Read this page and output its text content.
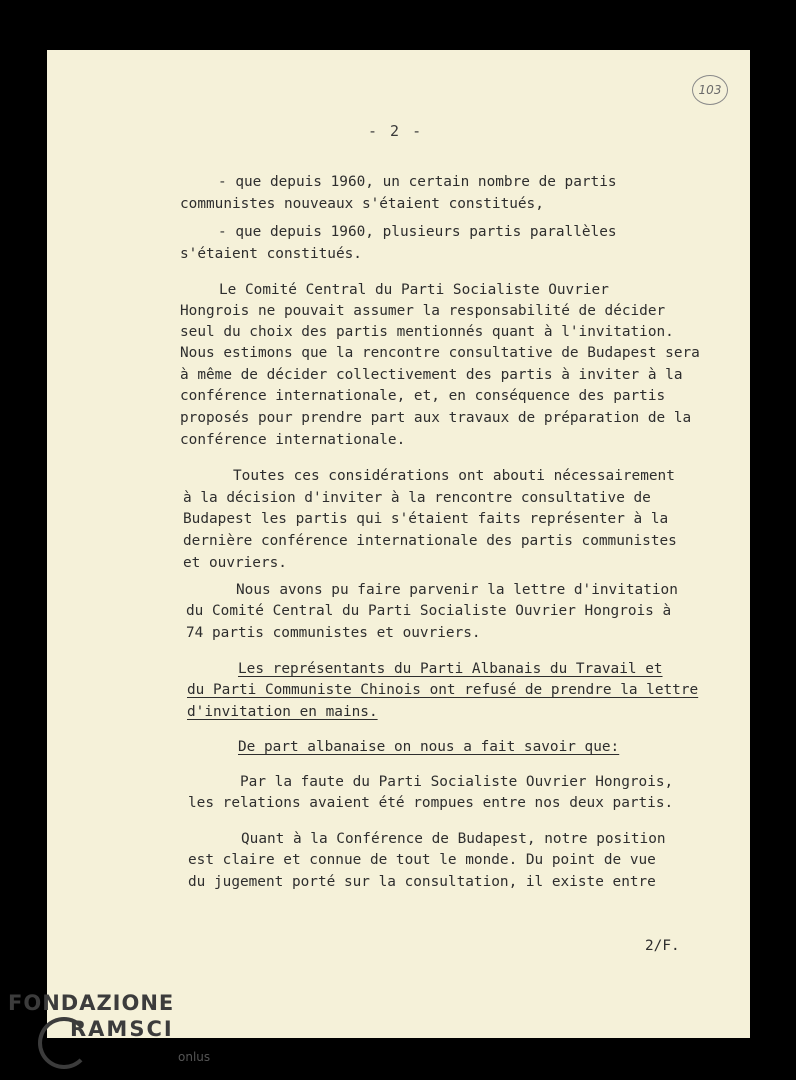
103
- 2 -
- que depuis 1960, un certain nombre de partis
communistes nouveaux s'étaient constitués,
- que depuis 1960, plusieurs partis parallèles
s'étaient constitués.
Le Comité Central du Parti Socialiste Ouvrier
Hongrois ne pouvait assumer la responsabilité de décider
seul du choix des partis mentionnés quant à l'invitation.
Nous estimons que la rencontre consultative de Budapest sera
à même de décider collectivement des partis à inviter à la
conférence internationale, et, en conséquence des partis
proposés pour prendre part aux travaux de préparation de la
conférence internationale.
Toutes ces considérations ont abouti nécessairement
à la décision d'inviter à la rencontre consultative de
Budapest les partis qui s'étaient faits représenter à la
dernière conférence internationale des partis communistes
et ouvriers.
Nous avons pu faire parvenir la lettre d'invitation
du Comité Central du Parti Socialiste Ouvrier Hongrois à
74 partis communistes et ouvriers.
Les représentants du Parti Albanais du Travail et
du Parti Communiste Chinois ont refusé de prendre la lettre
d'invitation en mains.
De part albanaise on nous a fait savoir que:
Par la faute du Parti Socialiste Ouvrier Hongrois,
les relations avaient été rompues entre nos deux partis.
Quant à la Conférence de Budapest, notre position
est claire et connue de tout le monde. Du point de vue
du jugement porté sur la consultation, il existe entre
2/F.
FONDAZIONE
RAMSCI
onlus
